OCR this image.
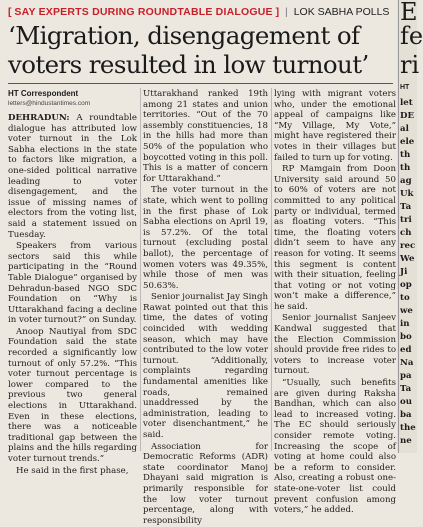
[ SAY EXPERTS DURING ROUNDTABLE DIALOGUE ] | LOK SABHA POLLS
‘Migration, disengagement of
voters resulted in low turnout’
HT Correspondent
letters@hindustantimes.com

DEHRADUN: A roundtable dialogue has attributed low voter turnout in the Lok Sabha elections in the state to factors like migration, a one-sided political narrative leading to voter disengagement, and the issue of missing names of electors from the voting list, said a statement issued on Tuesday.

Speakers from various sectors said this while participating in the “Round Table Dialogue” organised by Dehradun-based NGO SDC Foundation on “Why is Uttarakhand facing a decline in voter turnout?” on Sunday.

Anoop Nautiyal from SDC Foundation said the state recorded a significantly low turnout of only 57.2%. “This voter turnout percentage is lower compared to the previous two general elections in Uttarakhand. Even in these elections, there was a noticeable traditional gap between the plains and the hills regarding voter turnout trends.”

He said in the first phase,

Uttarakhand ranked 19th among 21 states and union territories. “Out of the 70 assembly constituencies, 18 in the hills had more than 50% of the population who boycotted voting in this poll. This is a matter of concern for Uttarakhand.”

The voter turnout in the state, which went to polling in the first phase of Lok Sabha elections on April 19, is 57.2%. Of the total turnout (excluding postal ballot), the percentage of women voters was 49.35%, while those of men was 50.63%.

Senior journalist Jay Singh Rawat pointed out that this time, the dates of voting coincided with wedding season, which may have contributed to the low voter turnout. “Additionally, complaints regarding fundamental amenities like roads, remained unaddressed by the administration, leading to voter disenchantment,” he said.

Association for Democratic Reforms (ADR) state coordinator Manoj Dhayani said migration is primarily responsible for the low voter turnout percentage, along with responsibility

lying with migrant voters who, under the emotional appeal of campaigns like “My Village, My Vote,” might have registered their votes in their villages but failed to turn up for voting.

RP Mamgain from Doon University said around 50 to 60% of voters are not committed to any political party or individual, termed as floating voters. “This time, the floating voters didn’t seem to have any reason for voting. It seems this segment is content with their situation, feeling that voting or not voting won’t make a difference,” he said.

Senior journalist Sanjeev Kandwal suggested that the Election Commission should provide free rides to voters to increase voter turnout.

“Usually, such benefits are given during Raksha Bandhan, which can also lead to increased voting. The EC should seriously consider remote voting. Increasing the scope of voting at home could also be a reform to consider. Also, creating a robust one-state-one-voter list could prevent confusion among voters,” he added.

E
fe
ri
HT
let
DE
al
ele
th
th
ag
Uk
Ta
tri
ch
rec
We
Ji
op
to
we
in
bo
ed
Na
pa
Ta
ou
ba
the
ne
